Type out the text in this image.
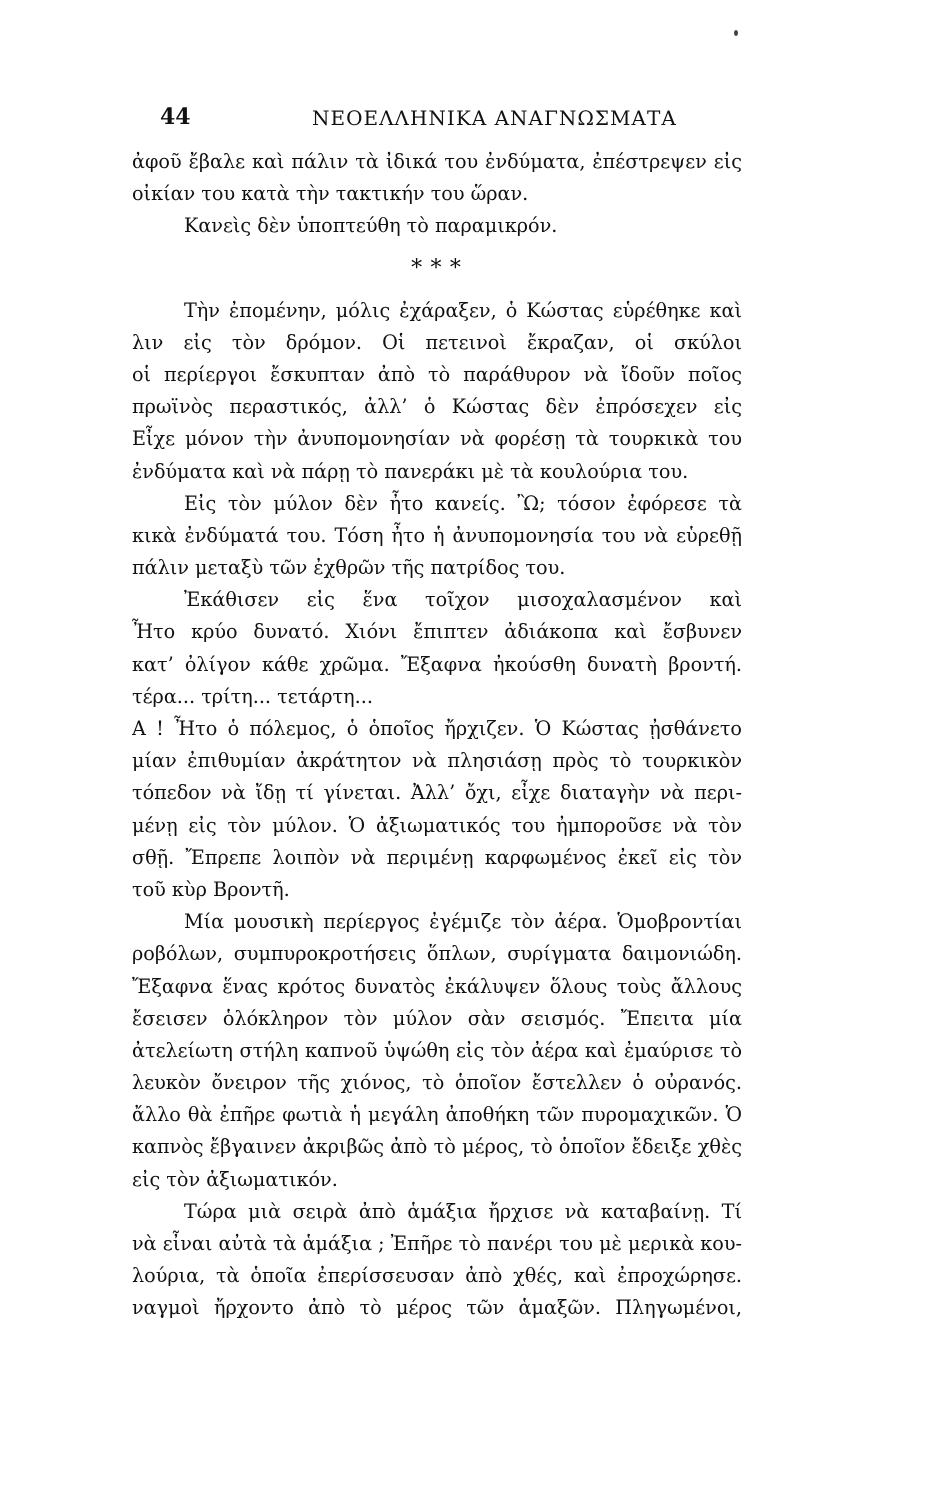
44	ΝΕΟΕΛΛΗΝΙΚΑ ΑΝΑΓΝΩΣΜΑΤΑ
ἀφοῦ ἔβαλε καὶ πάλιν τὰ ἰδικά του ἐνδύματα, ἐπέστρεψεν εἰς
οἰκίαν του κατὰ τὴν τακτικήν του ὥραν.
Κανεὶς δὲν ὑποπτεύθη τὸ παραμικρόν.
* * *
Τὴν ἐπομένην, μόλις ἐχάραξεν, ὁ Κώστας εὑρέθηκε καὶ
λιν εἰς τὸν δρόμον. Οἱ πετεινοὶ ἔκραζαν, οἱ σκύλοι
οἱ περίεργοι ἔσκυπταν ἀπὸ τὸ παράθυρον νὰ ἴδοῦν ποῖος
πρωϊνὸς περαστικός, ἀλλ’ ὁ Κώστας δὲν ἐπρόσεχεν εἰς
Εἶχε μόνον τὴν ἀνυπομονησίαν νὰ φορέσῃ τὰ τουρκικὰ του
ἐνδύματα καὶ νὰ πάρῃ τὸ πανεράκι μὲ τὰ κουλούρια του.
Εἰς τὸν μύλον δὲν ἦτο κανείς. Ὢ; τόσον ἐφόρεσε τὰ
κικὰ ἐνδύματά του. Τόση ἦτο ἡ ἀνυπομονησία του νὰ εὑρεθῇ
πάλιν μεταξὺ τῶν ἐχθρῶν τῆς πατρίδος του.
Ἐκάθισεν εἰς ἕνα τοῖχον μισοχαλασμένον καὶ
Ἦτο κρύο δυνατό. Χιόνι ἔπιπτεν ἀδιάκοπα καὶ ἔσβυνεν
κατ’ ὀλίγον κάθε χρῶμα. Ἔξαφνα ἠκούσθη δυνατὴ βροντή.
τέρα... τρίτη... τετάρτη...
Α ! Ἦτο ὁ πόλεμος, ὁ ὁποῖος ἤρχιζεν. Ὁ Κώστας ᾐσθάνετο
μίαν ἐπιθυμίαν ἀκράτητον νὰ πλησιάσῃ πρὸς τὸ τουρκικὸν
τόπεδον νὰ ἴδῃ τί γίνεται. Ἀλλ’ ὄχι, εἶχε διαταγὴν νὰ περι-
μένῃ εἰς τὸν μύλον. Ὁ ἀξιωματικός του ἠμποροῦσε νὰ τὸν
σθῇ. Ἔπρεπε λοιπὸν νὰ περιμένῃ καρφωμένος ἐκεῖ εἰς τὸν
τοῦ κὺρ Βροντῆ.
Μία μουσικὴ περίεργος ἐγέμιζε τὸν ἀέρα. Ὁμοβροντίαι
ροβόλων, συμπυροκροτήσεις ὅπλων, συρίγματα δαιμονιώδη.
Ἔξαφνα ἕνας κρότος δυνατὸς ἐκάλυψεν ὅλους τοὺς ἄλλους
ἔσεισεν ὁλόκληρον τὸν μύλον σὰν σεισμός. Ἔπειτα μία
ἀτελείωτη στήλη καπνοῦ ὑψώθη εἰς τὸν ἀέρα καὶ ἐμαύρισε τὸ
λευκὸν ὄνειρον τῆς χιόνος, τὸ ὁποῖον ἔστελλεν ὁ οὐρανός.
ἄλλο θὰ ἐπῆρε φωτιὰ ἡ μεγάλη ἀποθήκη τῶν πυρομαχικῶν. Ὁ
καπνὸς ἔβγαινεν ἀκριβῶς ἀπὸ τὸ μέρος, τὸ ὁποῖον ἔδειξε χθὲς
εἰς τὸν ἀξιωματικόν.
Τώρα μιὰ σειρὰ ἀπὸ ἁμάξια ἤρχισε νὰ καταβαίνῃ. Τί
νὰ εἶναι αὐτὰ τὰ ἁμάξια ; Ἐπῆρε τὸ πανέρι του μὲ μερικὰ κου-
λούρια, τὰ ὁποῖα ἐπερίσσευσαν ἀπὸ χθές, καὶ ἐπροχώρησε.
ναγμοὶ ἤρχοντο ἀπὸ τὸ μέρος τῶν ἁμαξῶν. Πληγωμένοι,
